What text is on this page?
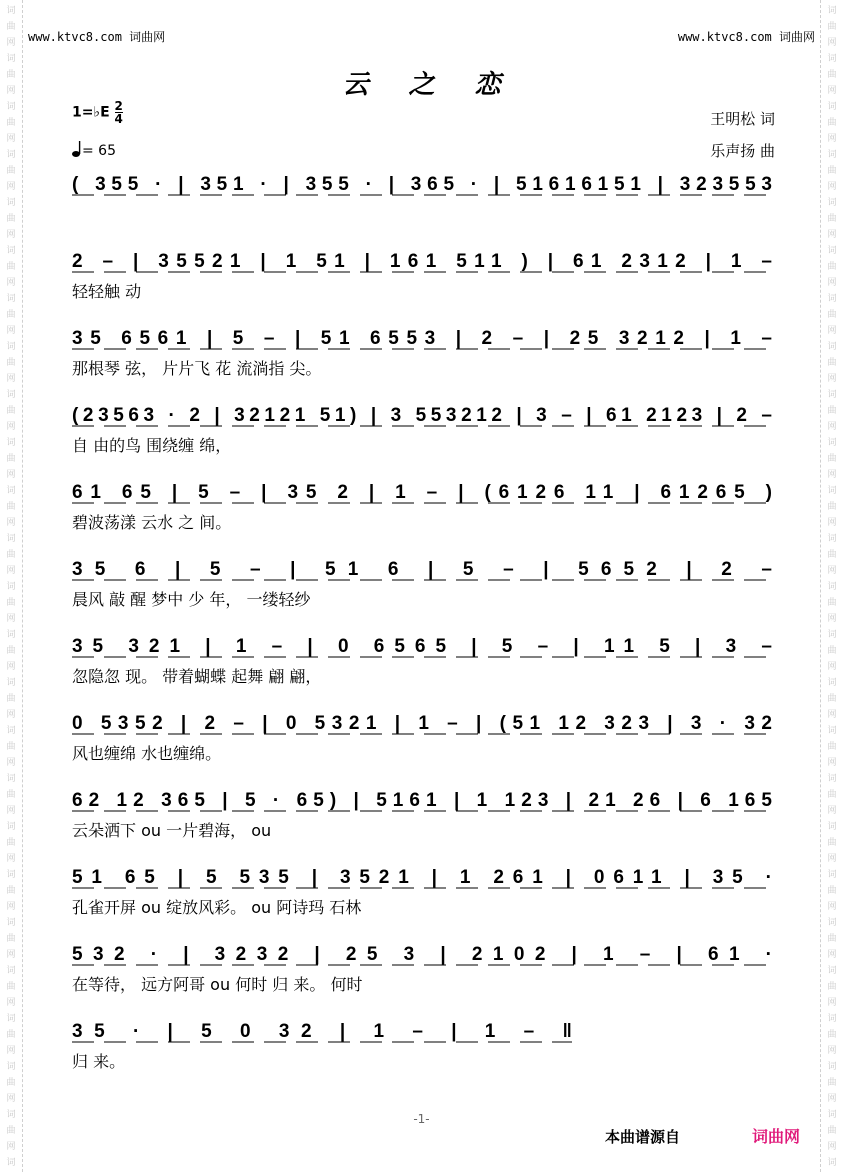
词
曲
网
词
曲
网
词
曲
网
词
曲
网
词
曲
网
词
曲
网
词
曲
网
词
曲
网
词
曲
网
词
曲
网
词
曲
网
词
曲
网
词
曲
网
词
曲
网
词
曲
网
词
曲
网
词
曲
网
词
曲
网
词
曲
网
词
曲
网
词
曲
网
词
曲
网
词
曲
网
词
曲
网
词
词
曲
网
词
曲
网
词
曲
网
词
曲
网
词
曲
网
词
曲
网
词
曲
网
词
曲
网
词
曲
网
词
曲
网
词
曲
网
词
曲
网
词
曲
网
词
曲
网
词
曲
网
词
曲
网
词
曲
网
词
曲
网
词
曲
网
词
曲
网
词
曲
网
词
曲
网
词
曲
网
词
曲
网
词
www.ktvc8.com 词曲网	www.ktvc8.com 词曲网
云之恋
1=♭E $\frac{2}{4}$
= 65
王明松 词
乐声扬 曲
( 355 · | 351 · | 355 · | 365 · | 51616151 | 323553
2 – | 35521 | 1 51 | 161 511 ) | 61 2312 | 1 –
轻轻触 动
35 6561 | 5 – | 51 6553 | 2 – | 25 3212 | 1 –
那根琴 弦， 片片飞 花 流淌指 尖。
(23563 · 2 | 32121 51) | 3 553212 | 3 – | 61 2123 | 2 –
自 由的鸟 围绕缠 绵，
61 65 | 5 – | 35 2 | 1 – | (6126 11 | 61265 )
碧波荡漾 云水 之 间。
35 6 | 5 – | 51 6 | 5 – | 5652 | 2 –
晨风 敲 醒 梦中 少 年， 一缕轻纱
35 321 | 1 – | 0 6565 | 5 – | 11 5 | 3 –
忽隐忽 现。 带着蝴蝶 起舞 翩 翩，
0 5352 | 2 – | 0 5321 | 1 – | (51 12 323 | 3 · 32
风也缠绵 水也缠绵。
62 12 365 | 5 · 65) | 5161 | 1 123 | 21 26 | 6 165
云朵洒下 ou 一片碧海， ou
51 65 | 5 535 | 3521 | 1 261 | 0611 | 35 ·
孔雀开屏 ou 绽放风彩。 ou 阿诗玛 石林
532 · | 3232 | 25 3 | 2102 | 1 – | 61 ·
在等待， 远方阿哥 ou 何时 归 来。 何时
35 · | 5 0 32 | 1 – | 1 – ‖
归 来。
-1-
本曲谱源自	词曲网
